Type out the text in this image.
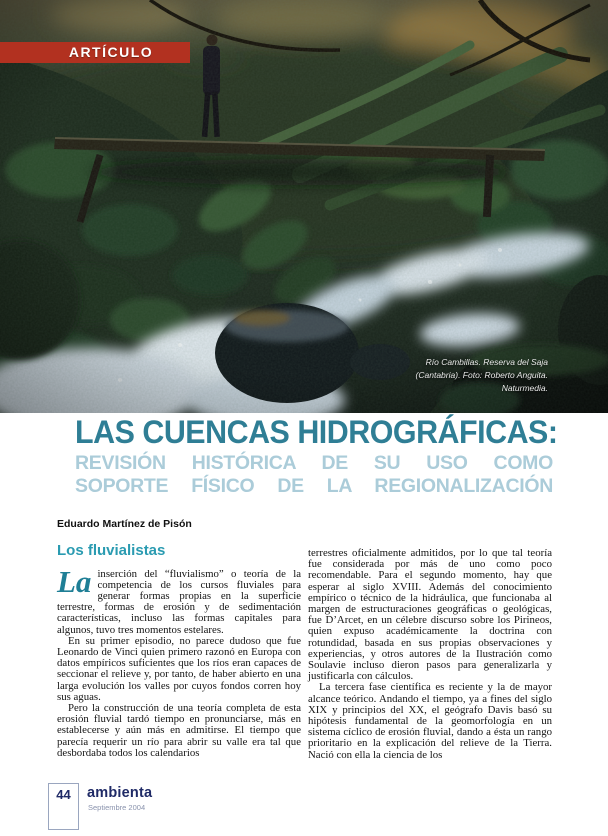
ARTÍCULO
Río Cambillas. Reserva del Saja (Cantabria). Foto: Roberto Anguita. Naturmedia.
LAS CUENCAS HIDROGRÁFICAS:
REVISIÓN HISTÓRICA DE SU USO COMO
SOPORTE FÍSICO DE LA REGIONALIZACIÓN
Eduardo Martínez de Pisón
Los fluvialistas

La inserción del “fluvialismo” o teoría de la competencia de los cursos fluviales para generar formas propias en la superficie terrestre, formas de erosión y de sedimentación características, incluso las formas capitales para algunos, tuvo tres momentos estelares.

En su primer episodio, no parece dudoso que fue Leonardo de Vinci quien primero razonó en Europa con datos empíricos suficientes que los ríos eran capaces de seccionar el relieve y, por tanto, de haber abierto en una larga evolución los valles por cuyos fondos corren hoy sus aguas.

Pero la construcción de una teoría completa de esta erosión fluvial tardó tiempo en pronunciarse, más en establecerse y aún más en admitirse. El tiempo que parecía requerir un río para abrir su valle era tal que desbordaba todos los calendarios

terrestres oficialmente admitidos, por lo que tal teoría fue considerada por más de uno como poco recomendable. Para el segundo momento, hay que esperar al siglo XVIII. Además del conocimiento empírico o técnico de la hidráulica, que funcionaba al margen de estructuraciones geográficas o geológicas, fue D’Arcet, en un célebre discurso sobre los Pirineos, quien expuso académicamente la doctrina con rotundidad, basada en sus propias observaciones y experiencias, y otros autores de la Ilustración como Soulavie incluso dieron pasos para generalizarla y justificarla con cálculos.

La tercera fase científica es reciente y la de mayor alcance teórico. Andando el tiempo, ya a fines del siglo XIX y principios del XX, el geógrafo Davis basó su hipótesis fundamental de la geomorfología en un sistema cíclico de erosión fluvial, dando a ésta un rango prioritario en la explicación del relieve de la Tierra. Nació con ella la ciencia de los

44	ambienta
Septiembre 2004
